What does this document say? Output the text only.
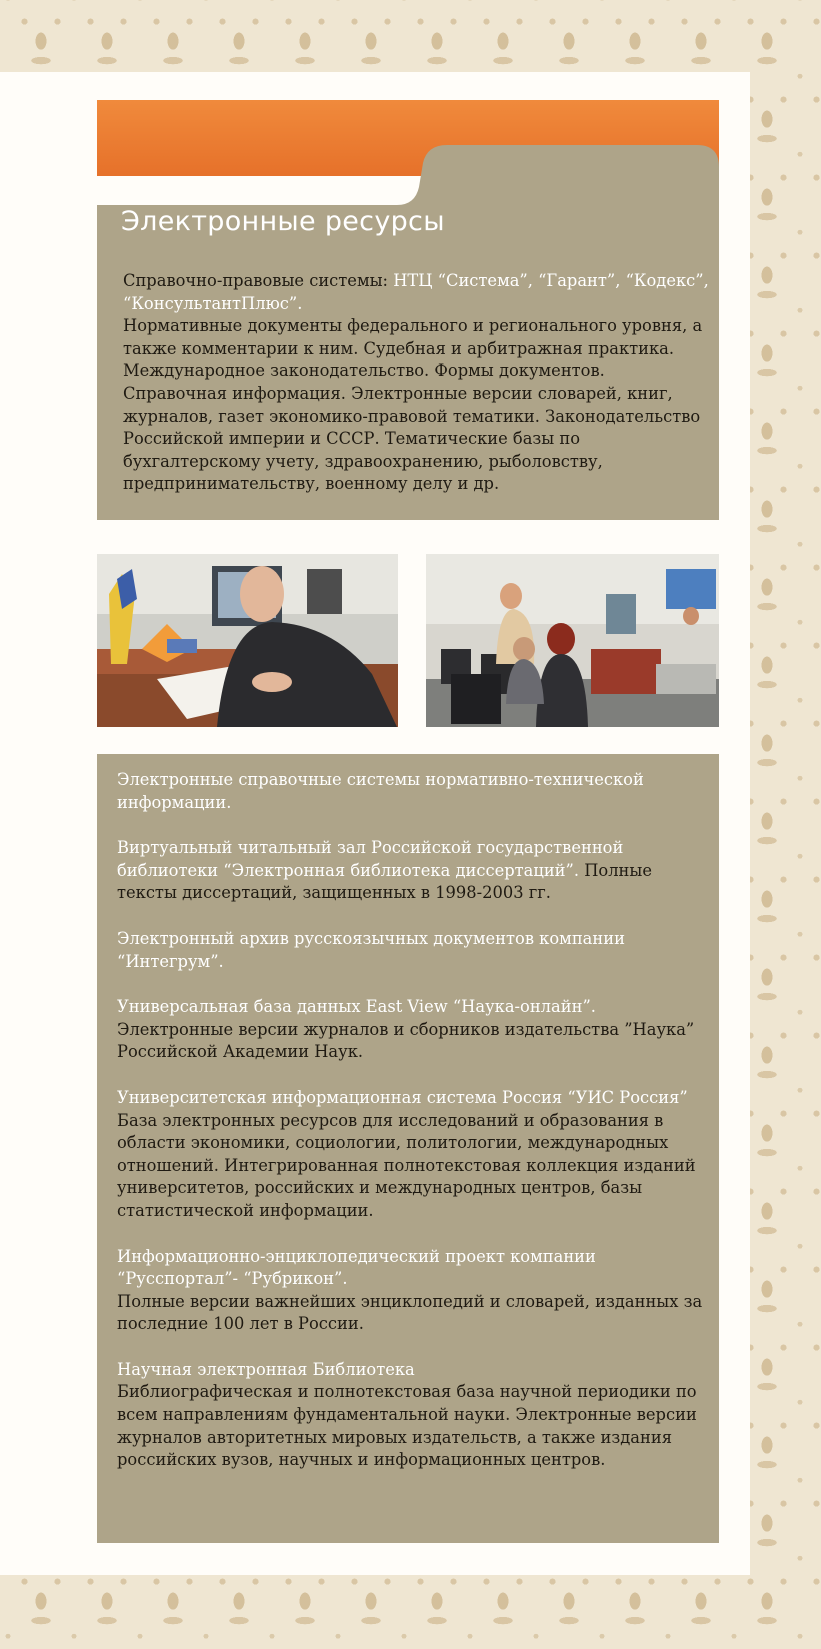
Электронные ресурсы
Справочно-правовые системы: НТЦ “Система”, “Гарант”, “Кодекс”, “КонсультантПлюс”.
Нормативные документы федерального и регионального уровня, а также комментарии к ним. Судебная и арбитражная практика. Международное законодательство. Формы документов. Справочная информация. Электронные версии словарей, книг, журналов, газет экономико-правовой тематики. Законодательство Российской империи и СССР. Тематические базы по бухгалтерскому учету, здравоохранению, рыболовству, предпринимательству, военному делу и др.
Электронные справочные системы нормативно-технической информации.
Виртуальный читальный зал Российской государственной библиотеки “Электронная библиотека диссертаций”. Полные тексты диссертаций, защищенных в 1998-2003 гг.
Электронный архив русскоязычных документов компании “Интегрум”.
Универсальная база данных East View “Наука-онлайн”. Электронные версии журналов и сборников издательства ”Наука” Российской Академии Наук.
Университетская информационная система Россия “УИС Россия”
База электронных ресурсов для исследований и образования в области экономики, социологии, политологии, международных отношений. Интегрированная полнотекстовая коллекция изданий университетов, российских и международных центров, базы статистической информации.
Информационно-энциклопедический проект компании “Русспортал”- “Рубрикон”.
Полные версии важнейших энциклопедий и словарей, изданных за последние 100 лет в России.
Научная электронная Библиотека
Библиографическая и полнотекстовая база научной периодики по всем направлениям фундаментальной науки. Электронные версии журналов авторитетных мировых издательств, а также издания российских вузов, научных и информационных центров.
